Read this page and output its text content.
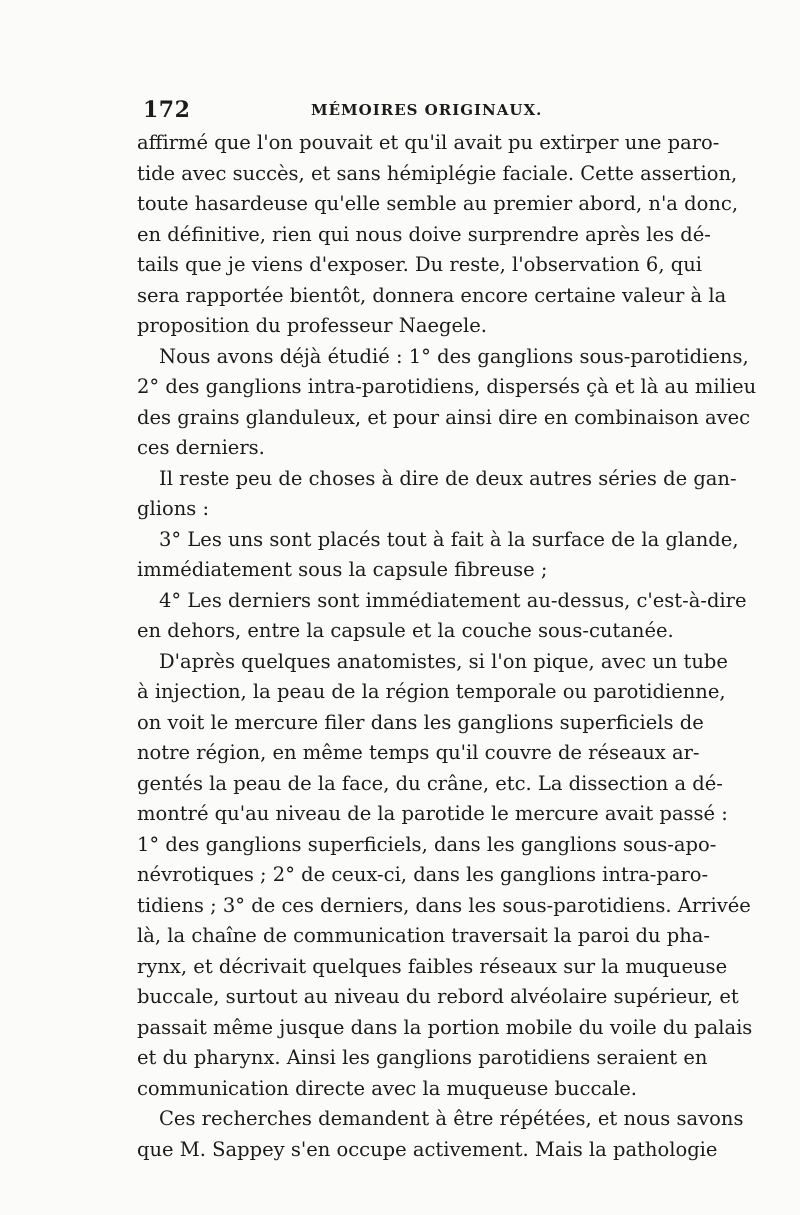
172	MÉMOIRES ORIGINAUX.
affirmé que l'on pouvait et qu'il avait pu extirper une paro-
tide avec succès, et sans hémiplégie faciale. Cette assertion,
toute hasardeuse qu'elle semble au premier abord, n'a donc,
en définitive, rien qui nous doive surprendre après les dé-
tails que je viens d'exposer. Du reste, l'observation 6, qui
sera rapportée bientôt, donnera encore certaine valeur à la
proposition du professeur Naegele.
Nous avons déjà étudié : 1° des ganglions sous-parotidiens,
2° des ganglions intra-parotidiens, dispersés çà et là au milieu
des grains glanduleux, et pour ainsi dire en combinaison avec
ces derniers.
Il reste peu de choses à dire de deux autres séries de gan-
glions :
3° Les uns sont placés tout à fait à la surface de la glande,
immédiatement sous la capsule fibreuse ;
4° Les derniers sont immédiatement au-dessus, c'est-à-dire
en dehors, entre la capsule et la couche sous-cutanée.
D'après quelques anatomistes, si l'on pique, avec un tube
à injection, la peau de la région temporale ou parotidienne,
on voit le mercure filer dans les ganglions superficiels de
notre région, en même temps qu'il couvre de réseaux ar-
gentés la peau de la face, du crâne, etc. La dissection a dé-
montré qu'au niveau de la parotide le mercure avait passé :
1° des ganglions superficiels, dans les ganglions sous-apo-
névrotiques ; 2° de ceux-ci, dans les ganglions intra-paro-
tidiens ; 3° de ces derniers, dans les sous-parotidiens. Arrivée
là, la chaîne de communication traversait la paroi du pha-
rynx, et décrivait quelques faibles réseaux sur la muqueuse
buccale, surtout au niveau du rebord alvéolaire supérieur, et
passait même jusque dans la portion mobile du voile du palais
et du pharynx. Ainsi les ganglions parotidiens seraient en
communication directe avec la muqueuse buccale.
Ces recherches demandent à être répétées, et nous savons
que M. Sappey s'en occupe activement. Mais la pathologie
